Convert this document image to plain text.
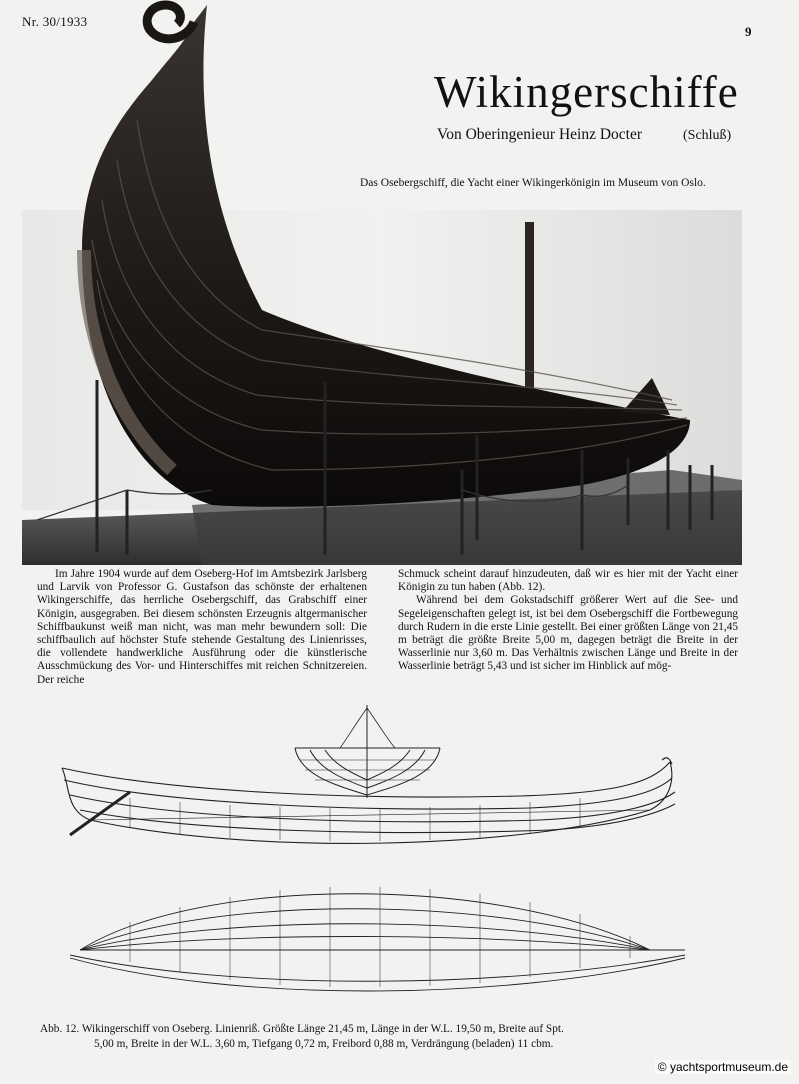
Nr. 30/1933
9
Wikingerschiffe
Von Oberingenieur Heinz Docter	(Schluß)
Das Osebergschiff, die Yacht einer Wikingerkönigin im Museum von Oslo.

Im Jahre 1904 wurde auf dem Oseberg-Hof im Amtsbezirk Jarlsberg und Larvik von Professor G. Gustafson das schönste der erhaltenen Wikingerschiffe, das herrliche Osebergschiff, das Grabschiff einer Königin, ausgegraben. Bei diesem schönsten Erzeugnis altgermanischer Schiffbaukunst weiß man nicht, was man mehr bewundern soll: Die schiffbaulich auf höchster Stufe stehende Gestaltung des Linienrisses, die vollendete handwerkliche Ausführung oder die künstlerische Ausschmückung des Vor- und Hinterschiffes mit reichen Schnitzereien. Der reiche

Schmuck scheint darauf hinzudeuten, daß wir es hier mit der Yacht einer Königin zu tun haben (Abb. 12).

Während bei dem Gokstadschiff größerer Wert auf die See- und Segeleigenschaften gelegt ist, ist bei dem Osebergschiff die Fortbewegung durch Rudern in die erste Linie gestellt. Bei einer größten Länge von 21,45 m beträgt die größte Breite 5,00 m, dagegen beträgt die Breite in der Wasserlinie nur 3,60 m. Das Verhältnis zwischen Länge und Breite in der Wasserlinie beträgt 5,43 und ist sicher im Hinblick auf mög-

Abb. 12. Wikingerschiff von Oseberg. Linienriß. Größte Länge 21,45 m, Länge in der W.L. 19,50 m, Breite auf Spt.
5,00 m, Breite in der W.L. 3,60 m, Tiefgang 0,72 m, Freibord 0,88 m, Verdrängung (beladen) 11 cbm.
© yachtsportmuseum.de
